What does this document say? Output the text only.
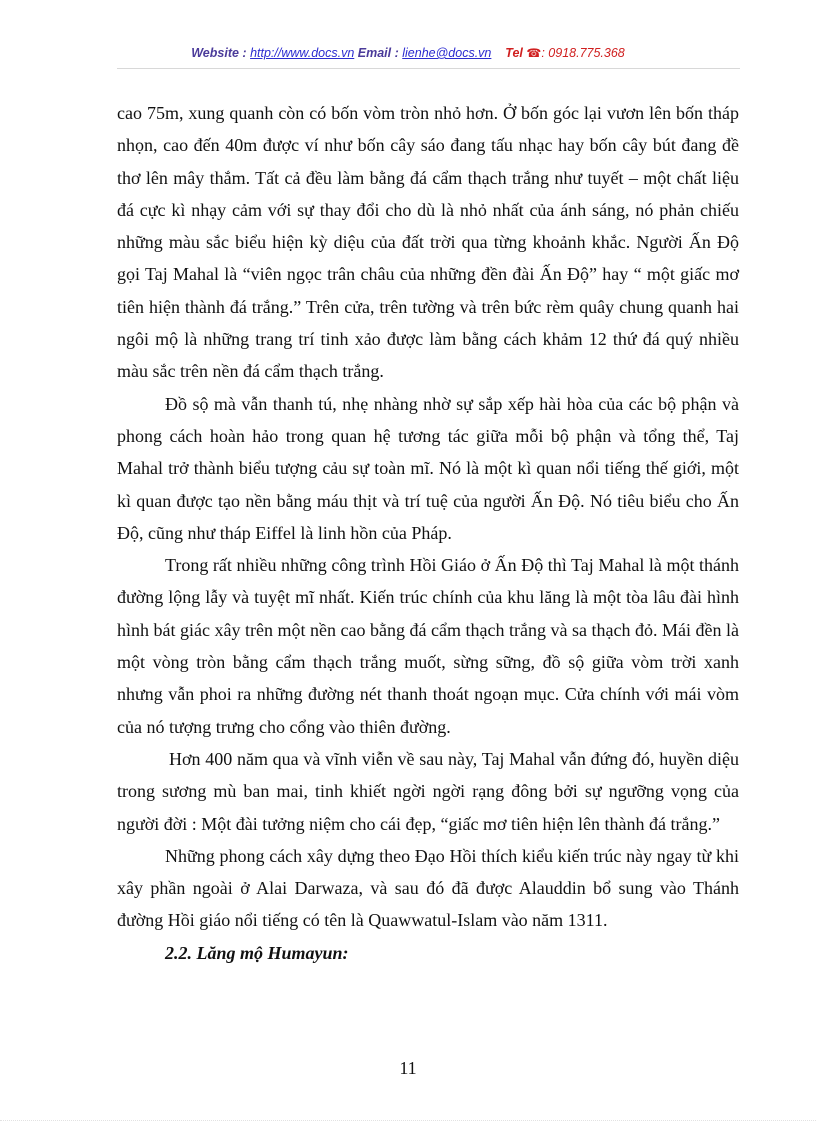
Website : http://www.docs.vn Email : lienhe@docs.vn Tel ☎: 0918.775.368

cao 75m, xung quanh còn có bốn vòm tròn nhỏ hơn. Ở bốn góc lại vươn lên bốn tháp nhọn, cao đến 40m được ví như bốn cây sáo đang tấu nhạc hay bốn cây bút đang đề thơ lên mây thắm. Tất cả đều làm bằng đá cẩm thạch trắng như tuyết – một chất liệu đá cực kì nhạy cảm với sự thay đổi cho dù là nhỏ nhất của ánh sáng, nó phản chiếu những màu sắc biểu hiện kỳ diệu của đất trời qua từng khoảnh khắc. Người Ấn Độ gọi Taj Mahal là “viên ngọc trân châu của những đền đài Ấn Độ” hay “ một giấc mơ tiên hiện thành đá trắng.” Trên cửa, trên tường và trên bức rèm quây chung quanh hai ngôi mộ là những trang trí tinh xảo được làm bằng cách khảm 12 thứ đá quý nhiều màu sắc trên nền đá cẩm thạch trắng.

Đồ sộ mà vẫn thanh tú, nhẹ nhàng nhờ sự sắp xếp hài hòa của các bộ phận và phong cách hoàn hảo trong quan hệ tương tác giữa mỗi bộ phận và tổng thể, Taj Mahal trở thành biểu tượng cảu sự toàn mĩ. Nó là một kì quan nổi tiếng thế giới, một kì quan được tạo nền bằng máu thịt và trí tuệ của người Ấn Độ. Nó tiêu biểu cho Ấn Độ, cũng như tháp Eiffel là linh hồn của Pháp.

Trong rất nhiều những công trình Hồi Giáo ở Ấn Độ thì Taj Mahal là một thánh đường lộng lẫy và tuyệt mĩ nhất. Kiến trúc chính của khu lăng là một tòa lâu đài hình hình bát giác xây trên một nền cao bằng đá cẩm thạch trắng và sa thạch đỏ. Mái đền là một vòng tròn bằng cẩm thạch trắng muốt, sừng sững, đồ sộ giữa vòm trời xanh nhưng vẫn phoi ra những đường nét thanh thoát ngoạn mục. Cửa chính với mái vòm của nó tượng trưng cho cổng vào thiên đường.

Hơn 400 năm qua và vĩnh viễn về sau này, Taj Mahal vẫn đứng đó, huyền diệu trong sương mù ban mai, tinh khiết ngời ngời rạng đông bởi sự ngưỡng vọng của người đời : Một đài tưởng niệm cho cái đẹp, “giấc mơ tiên hiện lên thành đá trắng.”

Những phong cách xây dựng theo Đạo Hồi thích kiểu kiến trúc này ngay từ khi xây phần ngoài ở Alai Darwaza, và sau đó đã được Alauddin bổ sung vào Thánh đường Hồi giáo nổi tiếng có tên là Quawwatul-Islam vào năm 1311.

2.2. Lăng mộ Humayun:

11
